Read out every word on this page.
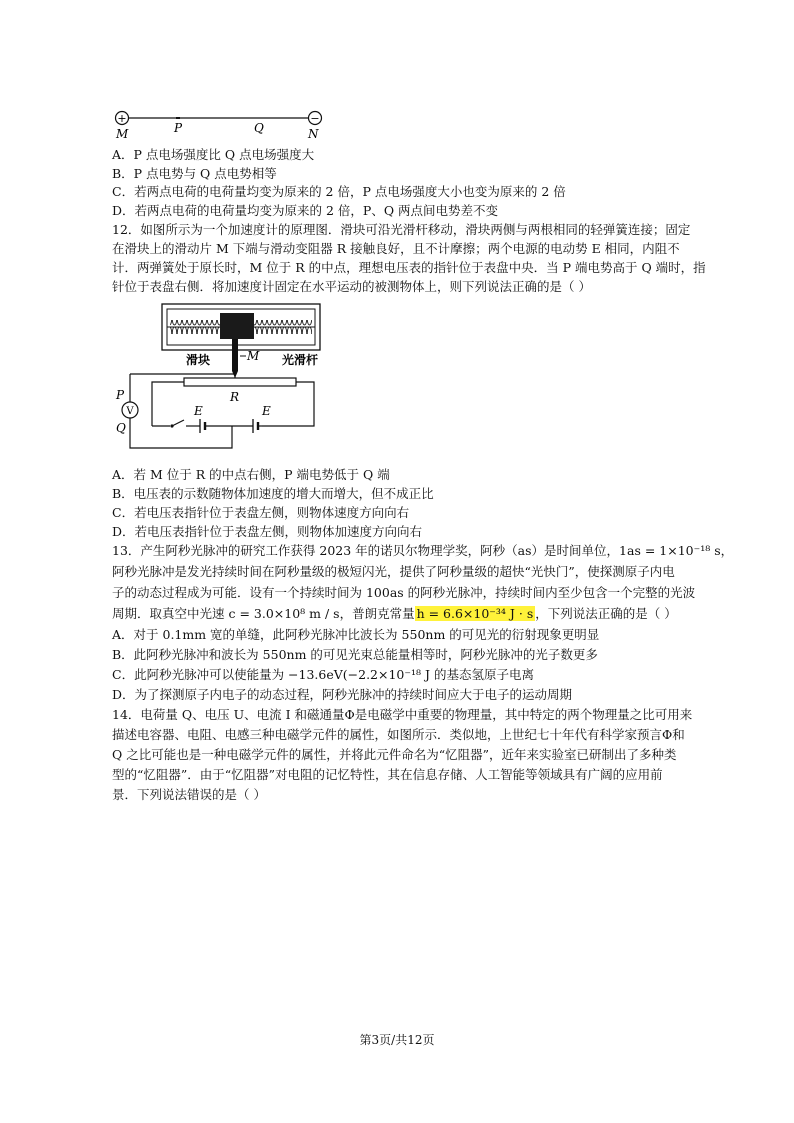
+	−
M	P	Q	N
A．P 点电场强度比 Q 点电场强度大
B．P 点电势与 Q 点电势相等
C．若两点电荷的电荷量均变为原来的 2 倍，P 点电场强度大小也变为原来的 2 倍
D．若两点电荷的电荷量均变为原来的 2 倍，P、Q 两点间电势差不变
12．如图所示为一个加速度计的原理图．滑块可沿光滑杆移动，滑块两侧与两根相同的轻弹簧连接；固定
在滑块上的滑动片 M 下端与滑动变阻器 R 接触良好，且不计摩擦；两个电源的电动势 E 相同，内阻不
计．两弹簧处于原长时，M 位于 R 的中点，理想电压表的指针位于表盘中央．当 P 端电势高于 Q 端时，指
针位于表盘右侧．将加速度计固定在水平运动的被测物体上，则下列说法正确的是（ ）
滑块	光滑杆
M
R
E	E
V
P
Q
A．若 M 位于 R 的中点右侧，P 端电势低于 Q 端
B．电压表的示数随物体加速度的增大而增大，但不成正比
C．若电压表指针位于表盘左侧，则物体速度方向向右
D．若电压表指针位于表盘左侧，则物体加速度方向向右
13．产生阿秒光脉冲的研究工作获得 2023 年的诺贝尔物理学奖，阿秒（as）是时间单位，1as = 1×10⁻¹⁸ s，
阿秒光脉冲是发光持续时间在阿秒量级的极短闪光，提供了阿秒量级的超快“光快门”，使探测原子内电
子的动态过程成为可能．设有一个持续时间为 100as 的阿秒光脉冲，持续时间内至少包含一个完整的光波
周期．取真空中光速 c = 3.0×10⁸ m / s，普朗克常量 h = 6.6×10⁻³⁴ J · s ，下列说法正确的是（ ）
A．对于 0.1mm 宽的单缝，此阿秒光脉冲比波长为 550nm 的可见光的衍射现象更明显
B．此阿秒光脉冲和波长为 550nm 的可见光束总能量相等时，阿秒光脉冲的光子数更多
C．此阿秒光脉冲可以使能量为 −13.6eV(−2.2×10⁻¹⁸ J 的基态氢原子电离
D．为了探测原子内电子的动态过程，阿秒光脉冲的持续时间应大于电子的运动周期
14．电荷量 Q、电压 U、电流 I 和磁通量Φ是电磁学中重要的物理量，其中特定的两个物理量之比可用来
描述电容器、电阻、电感三种电磁学元件的属性，如图所示．类似地，上世纪七十年代有科学家预言Φ和
Q 之比可能也是一种电磁学元件的属性，并将此元件命名为“忆阻器”，近年来实验室已研制出了多种类
型的“忆阻器”．由于“忆阻器”对电阻的记忆特性，其在信息存储、人工智能等领域具有广阔的应用前
景．下列说法错误的是（ ）
第3页/共12页
